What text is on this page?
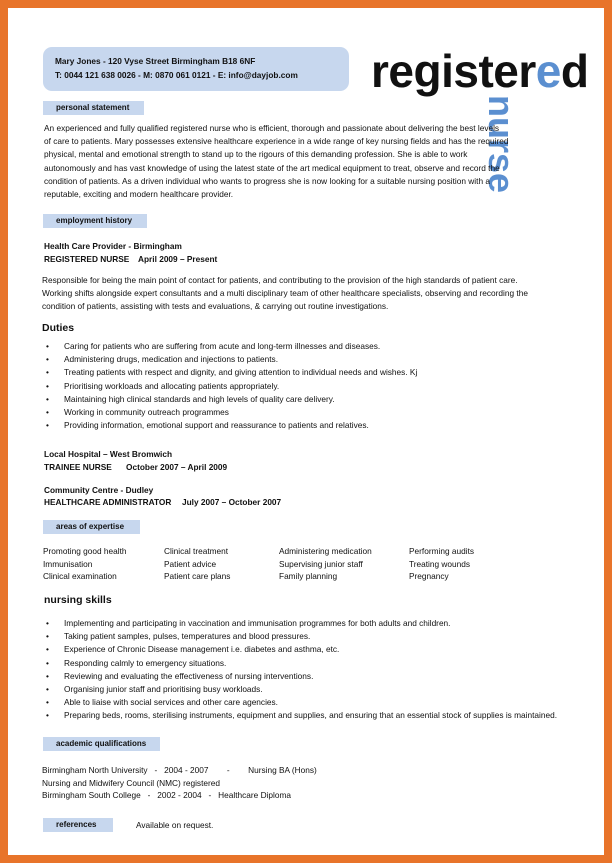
Mary Jones - 120 Vyse Street Birmingham B18 6NF
T: 0044 121 638 0026 - M: 0870 061 0121 - E: info@dayjob.com registered
nurse
personal statement
An experienced and fully qualified registered nurse who is efficient, thorough and passionate about delivering the best levels
of care to patients. Mary possesses extensive healthcare experience in a wide range of key nursing fields and has the required
physical, mental and emotional strength to stand up to the rigours of this demanding profession. She is able to work
autonomously and has vast knowledge of using the latest state of the art medical equipment to treat, observe and record the
condition of patients. As a driven individual who wants to progress she is now looking for a suitable nursing position with a
reputable, exciting and modern healthcare provider.
employment history
Health Care Provider - Birmingham
REGISTERED NURSE April 2009 – Present
Responsible for being the main point of contact for patients, and contributing to the provision of the high standards of patient care.
Working shifts alongside expert consultants and a multi disciplinary team of other healthcare specialists, observing and recording the
condition of patients, assisting with tests and evaluations, & carrying out routine investigations.
Duties
• Caring for patients who are suffering from acute and long-term illnesses and diseases.
• Administering drugs, medication and injections to patients.
• Treating patients with respect and dignity, and giving attention to individual needs and wishes. Kj
• Prioritising workloads and allocating patients appropriately.
• Maintaining high clinical standards and high levels of quality care delivery.
• Working in community outreach programmes
• Providing information, emotional support and reassurance to patients and relatives.
Local Hospital – West Bromwich
TRAINEE NURSE October 2007 – April 2009
Community Centre - Dudley
HEALTHCARE ADMINISTRATOR July 2007 – October 2007
areas of expertise
Promoting good health
Immunisation
Clinical examination
Clinical treatment
Patient advice
Patient care plans
Administering medication
Supervising junior staff
Family planning
Performing audits
Treating wounds
Pregnancy
nursing skills
• Implementing and participating in vaccination and immunisation programmes for both adults and children.
• Taking patient samples, pulses, temperatures and blood pressures.
• Experience of Chronic Disease management i.e. diabetes and asthma, etc.
• Responding calmly to emergency situations.
• Reviewing and evaluating the effectiveness of nursing interventions.
• Organising junior staff and prioritising busy workloads.
• Able to liaise with social services and other care agencies.
• Preparing beds, rooms, sterilising instruments, equipment and supplies, and ensuring that an essential stock of supplies is maintained.
academic qualifications
Birmingham North University   -   2004 - 2007        -        Nursing BA (Hons)
Nursing and Midwifery Council (NMC) registered
Birmingham South College   -   2002 - 2004   -   Healthcare Diploma
references	Available on request.
